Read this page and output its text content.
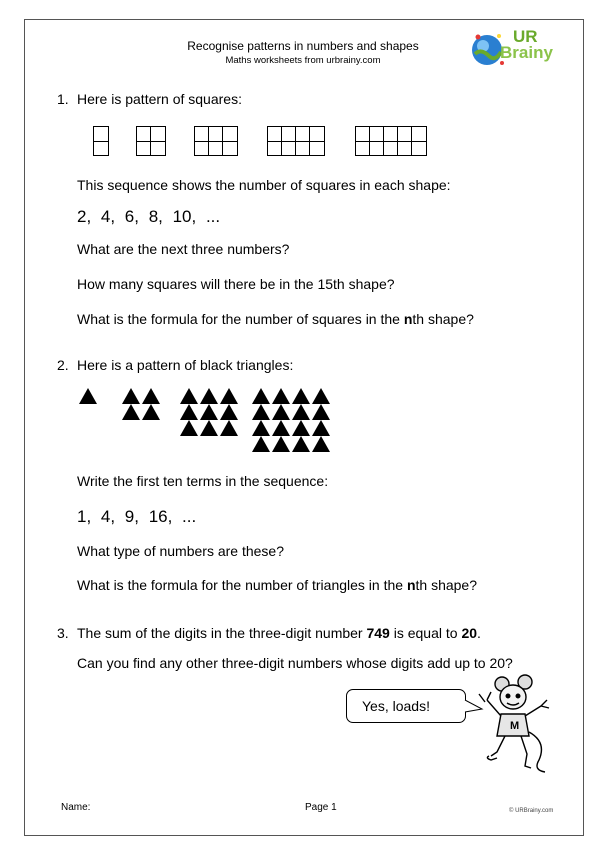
Recognise patterns in numbers and shapes
Maths worksheets from urbrainy.com
UR
Brainy
1. Here is pattern of squares:
This sequence shows the number of squares in each shape:
2, 4, 6, 8, 10, ...
What are the next three numbers?
How many squares will there be in the 15th shape?
What is the formula for the number of squares in the nth shape?
2. Here is a pattern of black triangles:
Write the first ten terms in the sequence:
1, 4, 9, 16, ...
What type of numbers are these?
What is the formula for the number of triangles in the nth shape?
3. The sum of the digits in the three-digit number 749 is equal to 20.
Can you find any other three-digit numbers whose digits add up to 20?
Yes, loads!
M
Name:	Page 1	© URBrainy.com
